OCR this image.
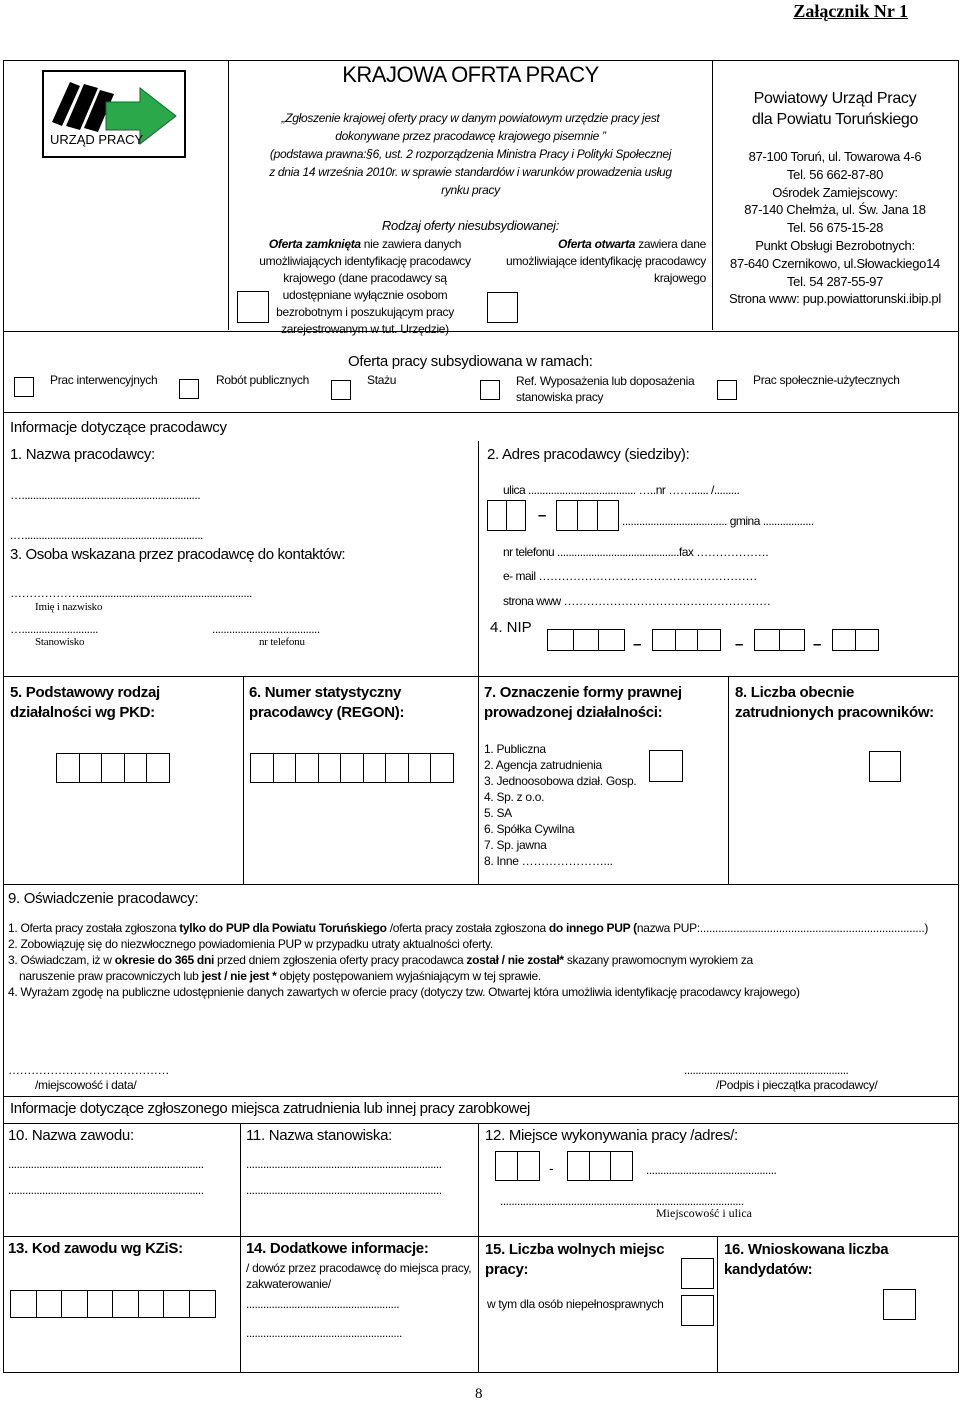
Załącznik Nr 1
URZĄD PRACY
KRAJOWA OFRTA PRACY
„Zgłoszenie krajowej oferty pracy w danym powiatowym urzędzie pracy jest
dokonywane przez pracodawcę krajowego pisemnie ”
(podstawa prawna:§6, ust. 2 rozporządzenia Ministra Pracy i Polityki Społecznej
z dnia 14 września 2010r. w sprawie standardów i warunków prowadzenia usług
rynku pracy
Rodzaj oferty niesubsydiowanej:
Oferta zamknięta nie zawiera danych
umożliwiających identyfikację pracodawcy
krajowego (dane pracodawcy są
udostępniane wyłącznie osobom
bezrobotnym i poszukującym pracy
zarejestrowanym w tut. Urzędzie)
Oferta otwarta zawiera dane
umożliwiające identyfikację pracodawcy
krajowego
Powiatowy Urząd Pracy
dla Powiatu Toruńskiego
87-100 Toruń, ul. Towarowa 4-6
Tel. 56 662-87-80
Ośrodek Zamiejscowy:
87-140 Chełmża, ul. Św. Jana 18
Tel. 56 675-15-28
Punkt Obsługi Bezrobotnych:
87-640 Czernikowo, ul.Słowackiego14
Tel. 54 287-55-97
Strona www: pup.powiattorunski.ibip.pl
Oferta pracy subsydiowana w ramach:
Prac interwencyjnych	Robót publicznych	Stażu	Ref. Wyposażenia lub doposażenia
stanowiska pracy
Prac społecznie-użytecznych
Informacje dotyczące pracodawcy
1. Nazwa pracodawcy:
…...............................................................
.…...............................................................
2. Adres pracodawcy (siedziby):
ulica ...................................... …..nr ……...... /.........
–	..................................... gmina ..................
nr telefonu ...........................................fax ……………….
e- mail …………………………………………………
strona www ………………………………………………
3. Osoba wskazana przez pracodawcę do kontaktów:
……………….............................................................
Imię i nazwisko
…...........................	......................................
Stanowisko	nr telefonu
4. NIP
–	–	–
5. Podstawowy rodzaj
działalności wg PKD:
6. Numer statystyczny
pracodawcy (REGON):
7. Oznaczenie formy prawnej
prowadzonej działalności:
1. Publiczna
2. Agencja zatrudnienia
3. Jednoosobowa dział. Gosp.
4. Sp. z o.o.
5. SA
6. Spółka Cywilna
7. Sp. jawna
8. Inne …………………...
8. Liczba obecnie
zatrudnionych pracowników:
9. Oświadczenie pracodawcy:
1. Oferta pracy została zgłoszona tylko do PUP dla Powiatu Toruńskiego /oferta pracy została zgłoszona do innego PUP (nazwa PUP:..........................................................................)
2. Zobowiązuję się do niezwłocznego powiadomienia PUP w przypadku utraty aktualności oferty.
3. Oświadczam, iż w okresie do 365 dni przed dniem zgłoszenia oferty pracy pracodawca został / nie został* skazany prawomocnym wyrokiem za
naruszenie praw pracowniczych lub jest / nie jest * objęty postępowaniem wyjaśniającym w tej sprawie.
4. Wyrażam zgodę na publiczne udostępnienie danych zawartych w ofercie pracy (dotyczy tzw. Otwartej która umożliwia identyfikację pracodawcy krajowego)
……………………………………
/miejscowość i data/
..........................................................
/Podpis i pieczątka pracodawcy/
Informacje dotyczące zgłoszonego miejsca zatrudnienia lub innej pracy zarobkowej
10. Nazwa zawodu:
.....................................................................
.....................................................................
11. Nazwa stanowiska:
.....................................................................
.....................................................................
12. Miejsce wykonywania pracy /adres/:
-	..............................................
......................................................................................
Miejscowość i ulica
13. Kod zawodu wg KZiS:	14. Dodatkowe informacje:
/ dowóz przez pracodawcę do miejsca pracy,
zakwaterowanie/
......................................................
.......................................................
15. Liczba wolnych miejsc
pracy:
w tym dla osób niepełnosprawnych
16. Wnioskowana liczba
kandydatów:
8
